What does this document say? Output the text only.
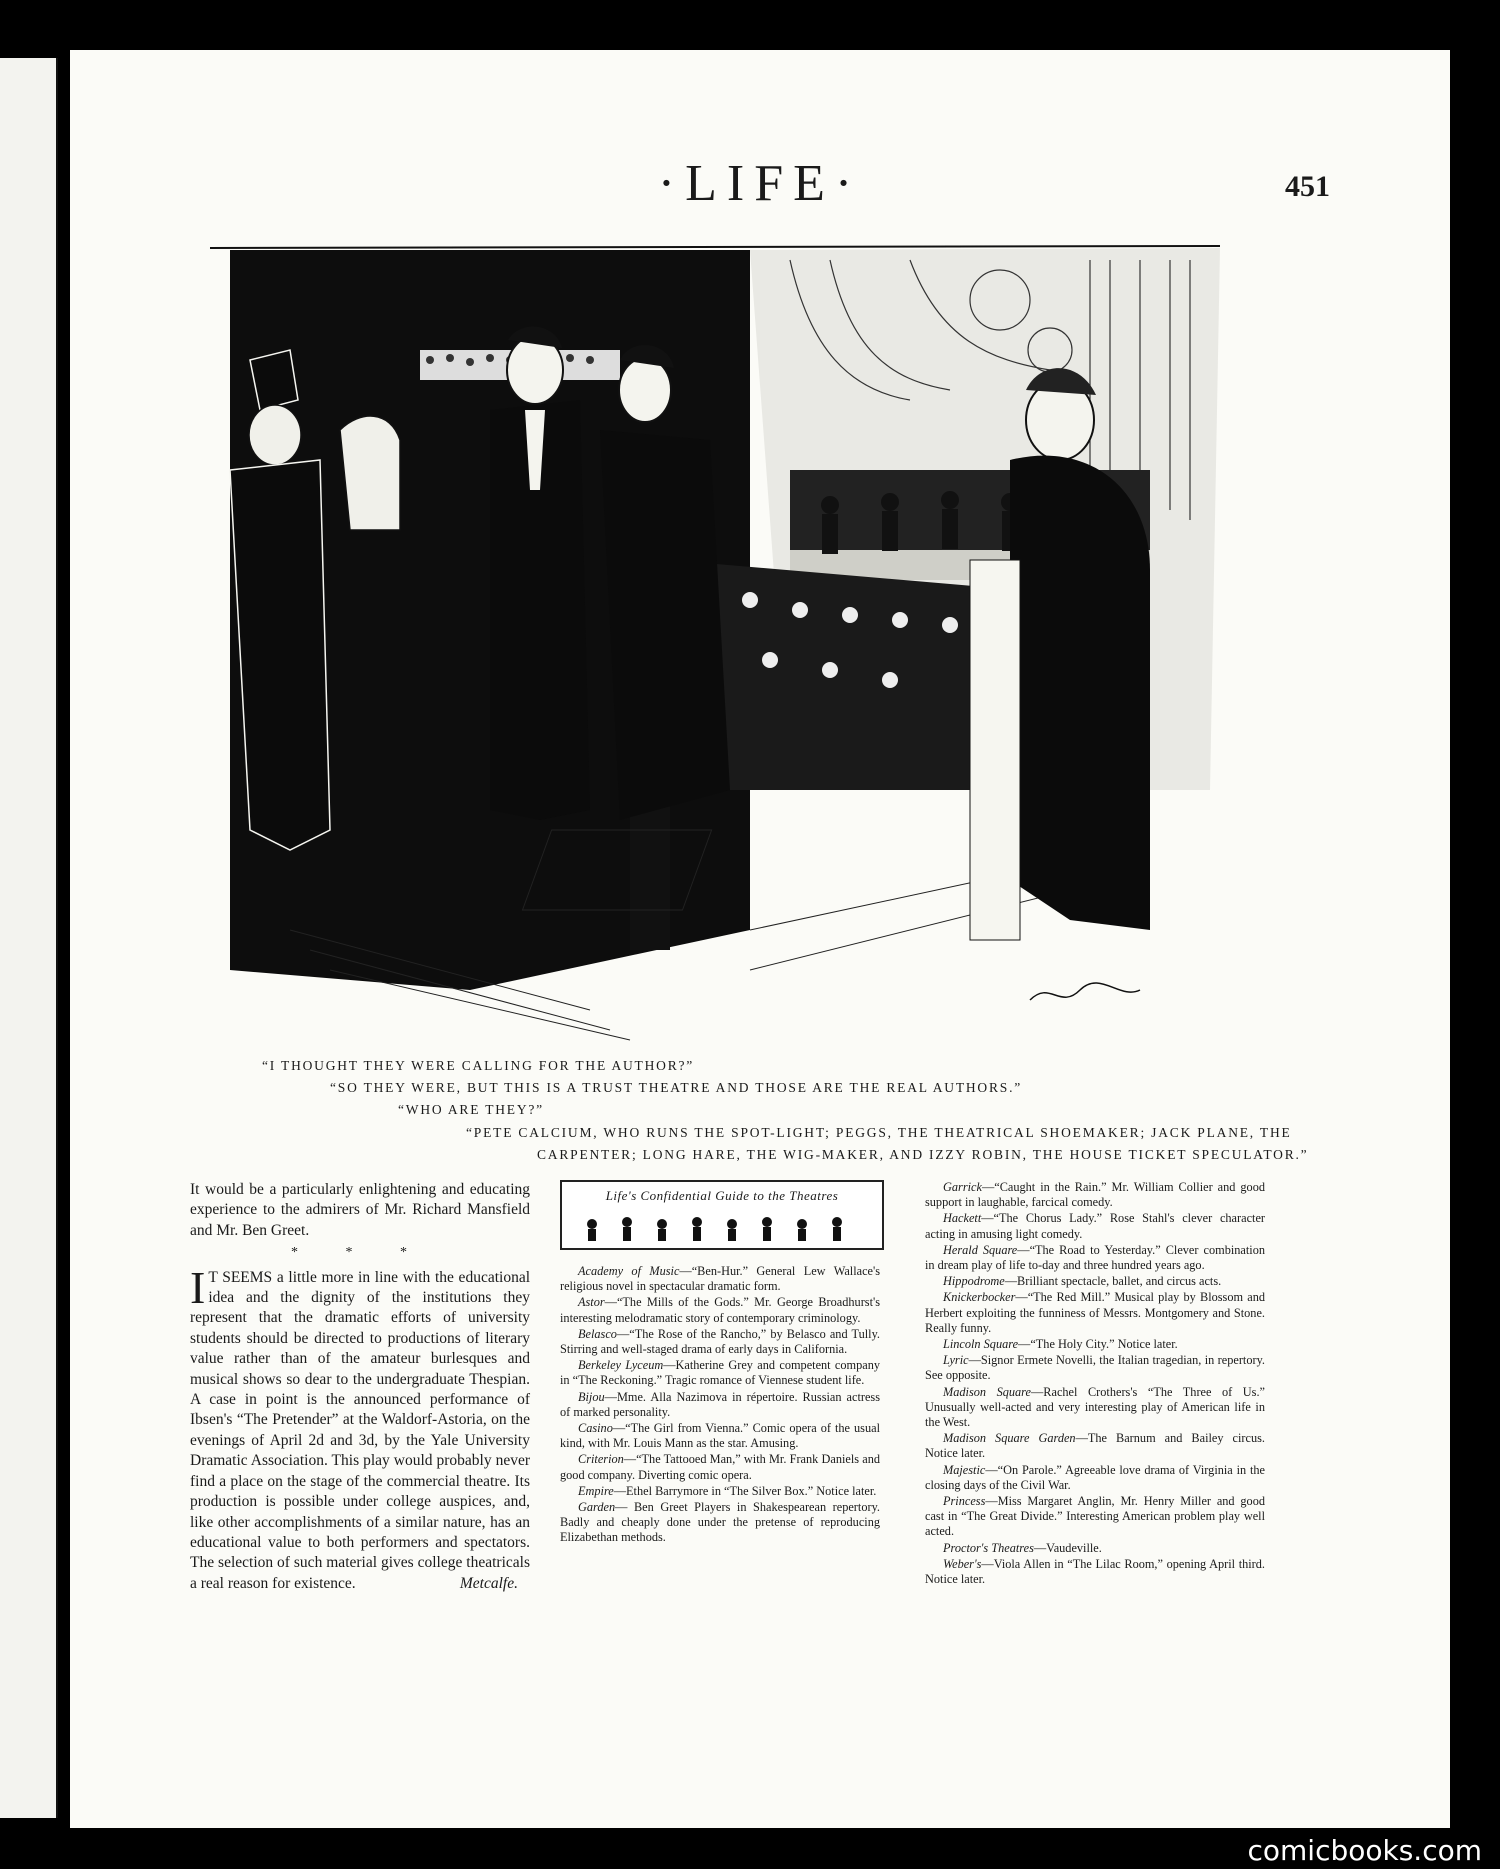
·LIFE·	451
“I THOUGHT THEY WERE CALLING FOR THE AUTHOR?”
“SO THEY WERE, BUT THIS IS A TRUST THEATRE AND THOSE ARE THE REAL AUTHORS.”
“WHO ARE THEY?”
“PETE CALCIUM, WHO RUNS THE SPOT-LIGHT; PEGGS, THE THEATRICAL SHOEMAKER; JACK PLANE, THE
CARPENTER; LONG HARE, THE WIG-MAKER, AND IZZY ROBIN, THE HOUSE TICKET SPECULATOR.”

It would be a particularly enlightening and educating experience to the admirers of Mr. Richard Mansfield and Mr. Ben Greet.

* * *

I T SEEMS a little more in line with the educational idea and the dignity of the institutions they represent that the dramatic efforts of university students should be directed to productions of literary value rather than of the amateur burlesques and musical shows so dear to the undergraduate Thespian. A case in point is the announced performance of Ibsen's “The Pretender” at the Waldorf-Astoria, on the evenings of April 2d and 3d, by the Yale University Dramatic Association. This play would probably never find a place on the stage of the commercial theatre. Its production is possible under college auspices, and, like other accomplishments of a similar nature, has an educational value to both performers and spectators. The selection of such material gives college theatricals a real reason for existence.	Metcalfe.

Life's Confidential Guide to the Theatres

Academy of Music—“Ben-Hur.” General Lew Wallace's religious novel in spectacular dramatic form.

Astor—“The Mills of the Gods.” Mr. George Broadhurst's interesting melodramatic story of contemporary criminology.

Belasco—“The Rose of the Rancho,” by Belasco and Tully. Stirring and well-staged drama of early days in California.

Berkeley Lyceum—Katherine Grey and competent company in “The Reckoning.” Tragic romance of Viennese student life.

Bijou—Mme. Alla Nazimova in répertoire. Russian actress of marked personality.

Casino—“The Girl from Vienna.” Comic opera of the usual kind, with Mr. Louis Mann as the star. Amusing.

Criterion—“The Tattooed Man,” with Mr. Frank Daniels and good company. Diverting comic opera.

Empire—Ethel Barrymore in “The Silver Box.” Notice later.

Garden— Ben Greet Players in Shakespearean repertory. Badly and cheaply done under the pretense of reproducing Elizabethan methods.

Garrick—“Caught in the Rain.” Mr. William Collier and good support in laughable, farcical comedy.

Hackett—“The Chorus Lady.” Rose Stahl's clever character acting in amusing light comedy.

Herald Square—“The Road to Yesterday.” Clever combination in dream play of life to-day and three hundred years ago.

Hippodrome—Brilliant spectacle, ballet, and circus acts.

Knickerbocker—“The Red Mill.” Musical play by Blossom and Herbert exploiting the funniness of Messrs. Montgomery and Stone. Really funny.

Lincoln Square—“The Holy City.” Notice later.

Lyric—Signor Ermete Novelli, the Italian tragedian, in repertory. See opposite.

Madison Square—Rachel Crothers's “The Three of Us.” Unusually well-acted and very interesting play of American life in the West.

Madison Square Garden—The Barnum and Bailey circus. Notice later.

Majestic—“On Parole.” Agreeable love drama of Virginia in the closing days of the Civil War.

Princess—Miss Margaret Anglin, Mr. Henry Miller and good cast in “The Great Divide.” Interesting American problem play well acted.

Proctor's Theatres—Vaudeville.

Weber's—Viola Allen in “The Lilac Room,” opening April third. Notice later.

comicbooks.com
